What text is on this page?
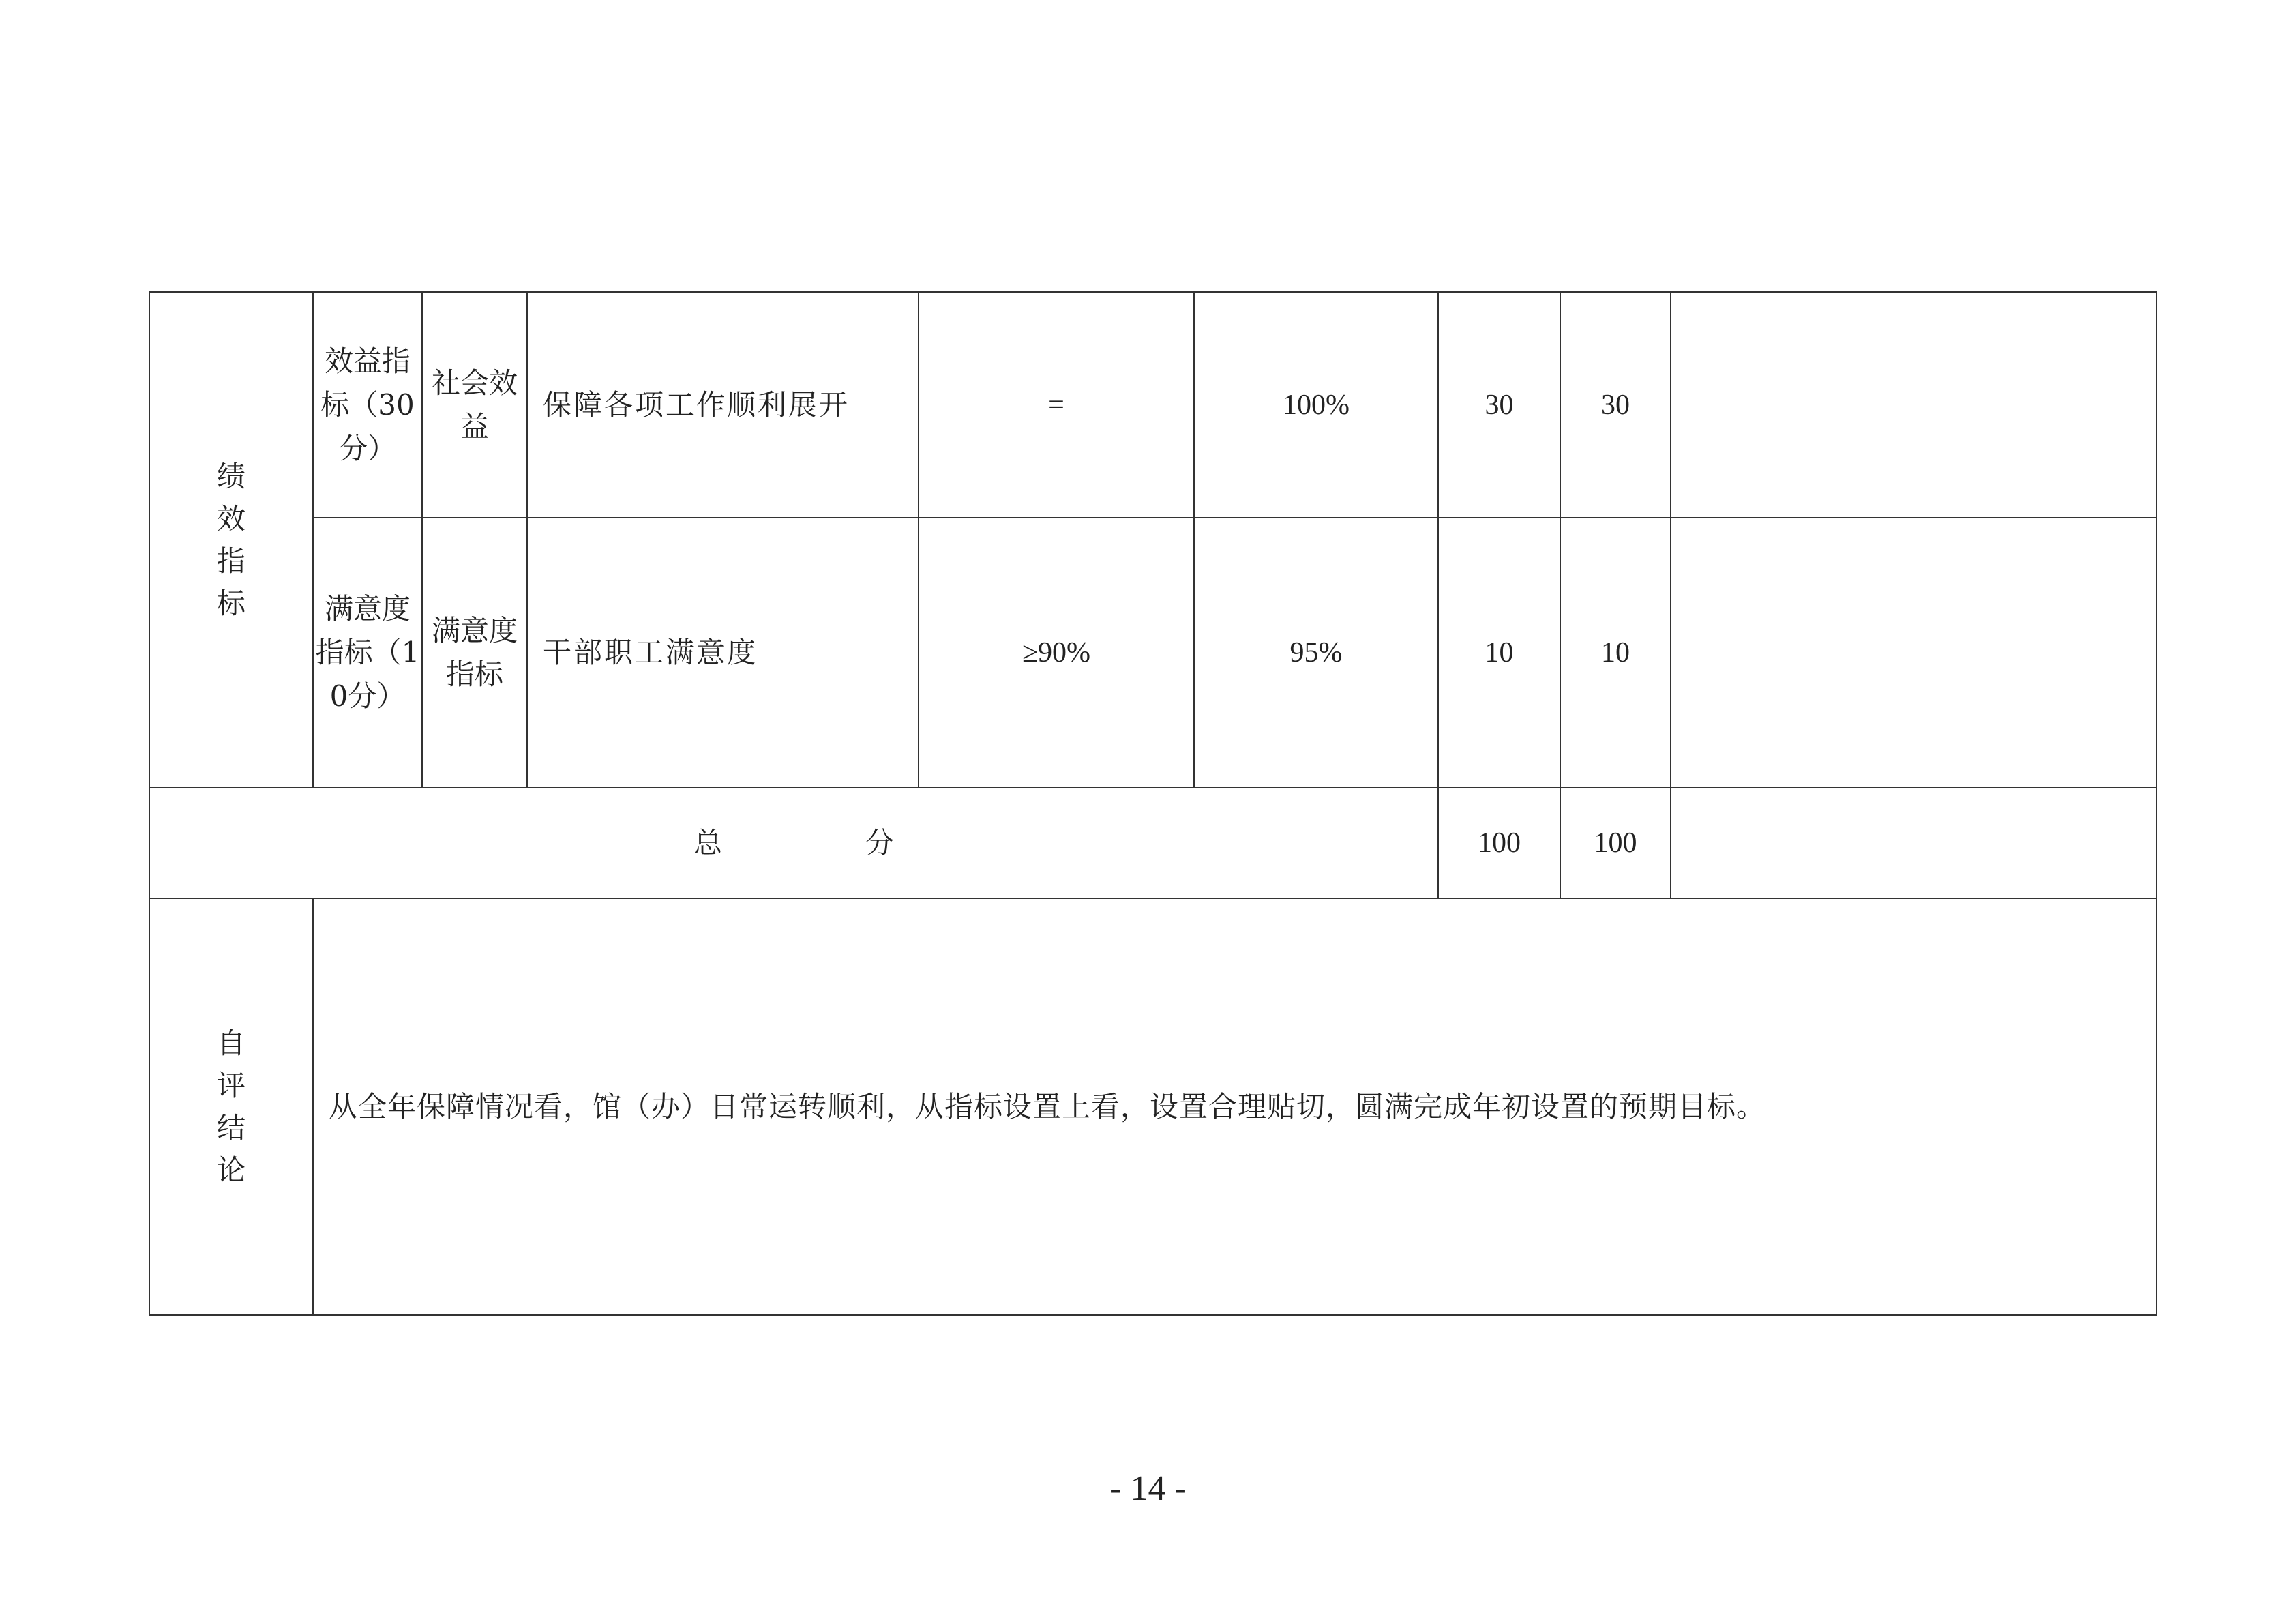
绩
效
指
标	效益指标（30分）	社会效益	保障各项工作顺利展开	=	100%	30	30	
	满意度指标（10分）	满意度指标	干部职工满意度	≥90%	95%	10	10	
总　　　　　分						100	100	

自
评
结
论	从全年保障情况看，馆（办）日常运转顺利，从指标设置上看，设置合理贴切，圆满完成年初设置的预期目标。							
- 14 -
